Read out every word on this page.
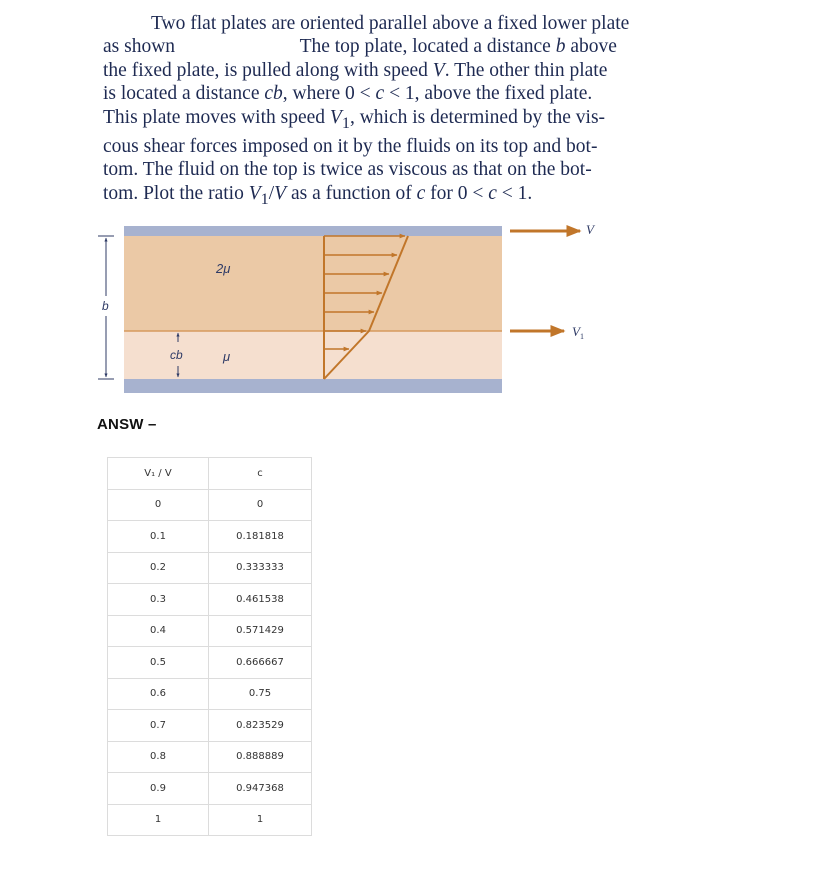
Two flat plates are oriented parallel above a fixed lower plate
as shown	The top plate, located a distance b above
the fixed plate, is pulled along with speed V. The other thin plate
is located a distance cb, where 0 < c < 1, above the fixed plate.
This plate moves with speed $V_1$, which is determined by the vis-
cous shear forces imposed on it by the fluids on its top and bot-
tom. The fluid on the top is twice as viscous as that on the bot-
tom. Plot the ratio $V_1/V$ as a function of c for 0 < c < 1.
V
$V_1$
b
cb
2μ
μ
ANSW –
V₁ / V	c
0	0
0.1	0.181818
0.2	0.333333
0.3	0.461538
0.4	0.571429
0.5	0.666667
0.6	0.75
0.7	0.823529
0.8	0.888889
0.9	0.947368
1	1
